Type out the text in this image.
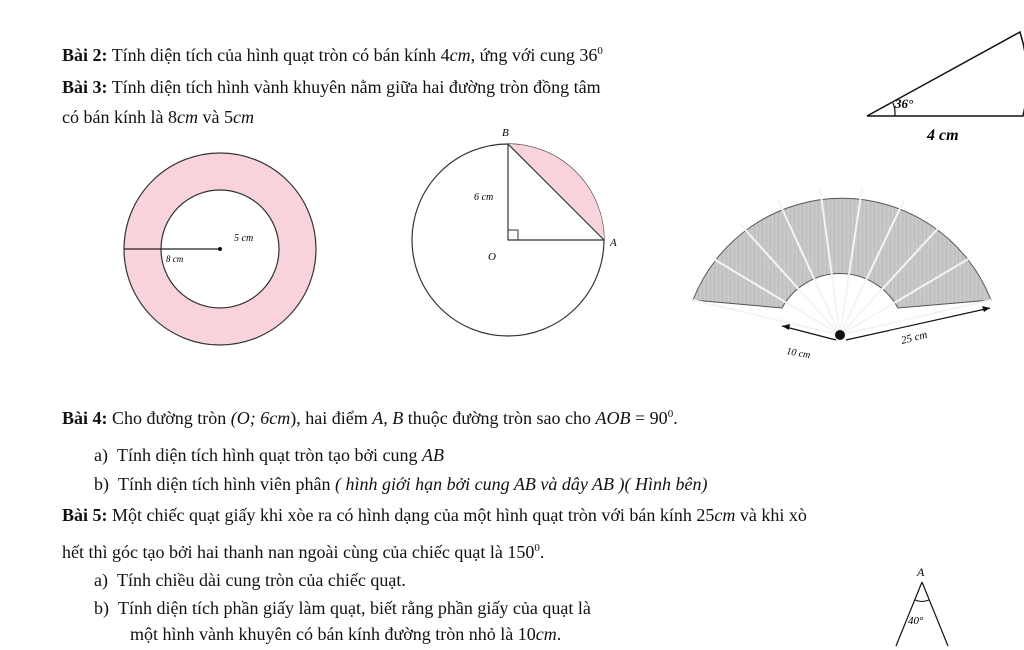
Bài 2: Tính diện tích của hình quạt tròn có bán kính 4cm, ứng với cung $36^0$
Bài 3: Tính diện tích hình vành khuyên nằm giữa hai đường tròn đồng tâm
có bán kính là 8cm và 5cm
36°
4 cm
5 cm
8 cm
B
O
A
6 cm
10 cm
25 cm
Bài 4: Cho đường tròn (O; 6cm), hai điểm A, B thuộc đường tròn sao cho AOB = $90^0$.
a) Tính diện tích hình quạt tròn tạo bởi cung AB
b) Tính diện tích hình viên phân ( hình giới hạn bởi cung AB và dây AB )( Hình bên)
Bài 5: Một chiếc quạt giấy khi xòe ra có hình dạng của một hình quạt tròn với bán kính 25cm và khi xò
hết thì góc tạo bởi hai thanh nan ngoài cùng của chiếc quạt là $150^0$.
a) Tính chiều dài cung tròn của chiếc quạt.
b) Tính diện tích phần giấy làm quạt, biết rằng phần giấy của quạt là
một hình vành khuyên có bán kính đường tròn nhỏ là 10cm.
A
40°
